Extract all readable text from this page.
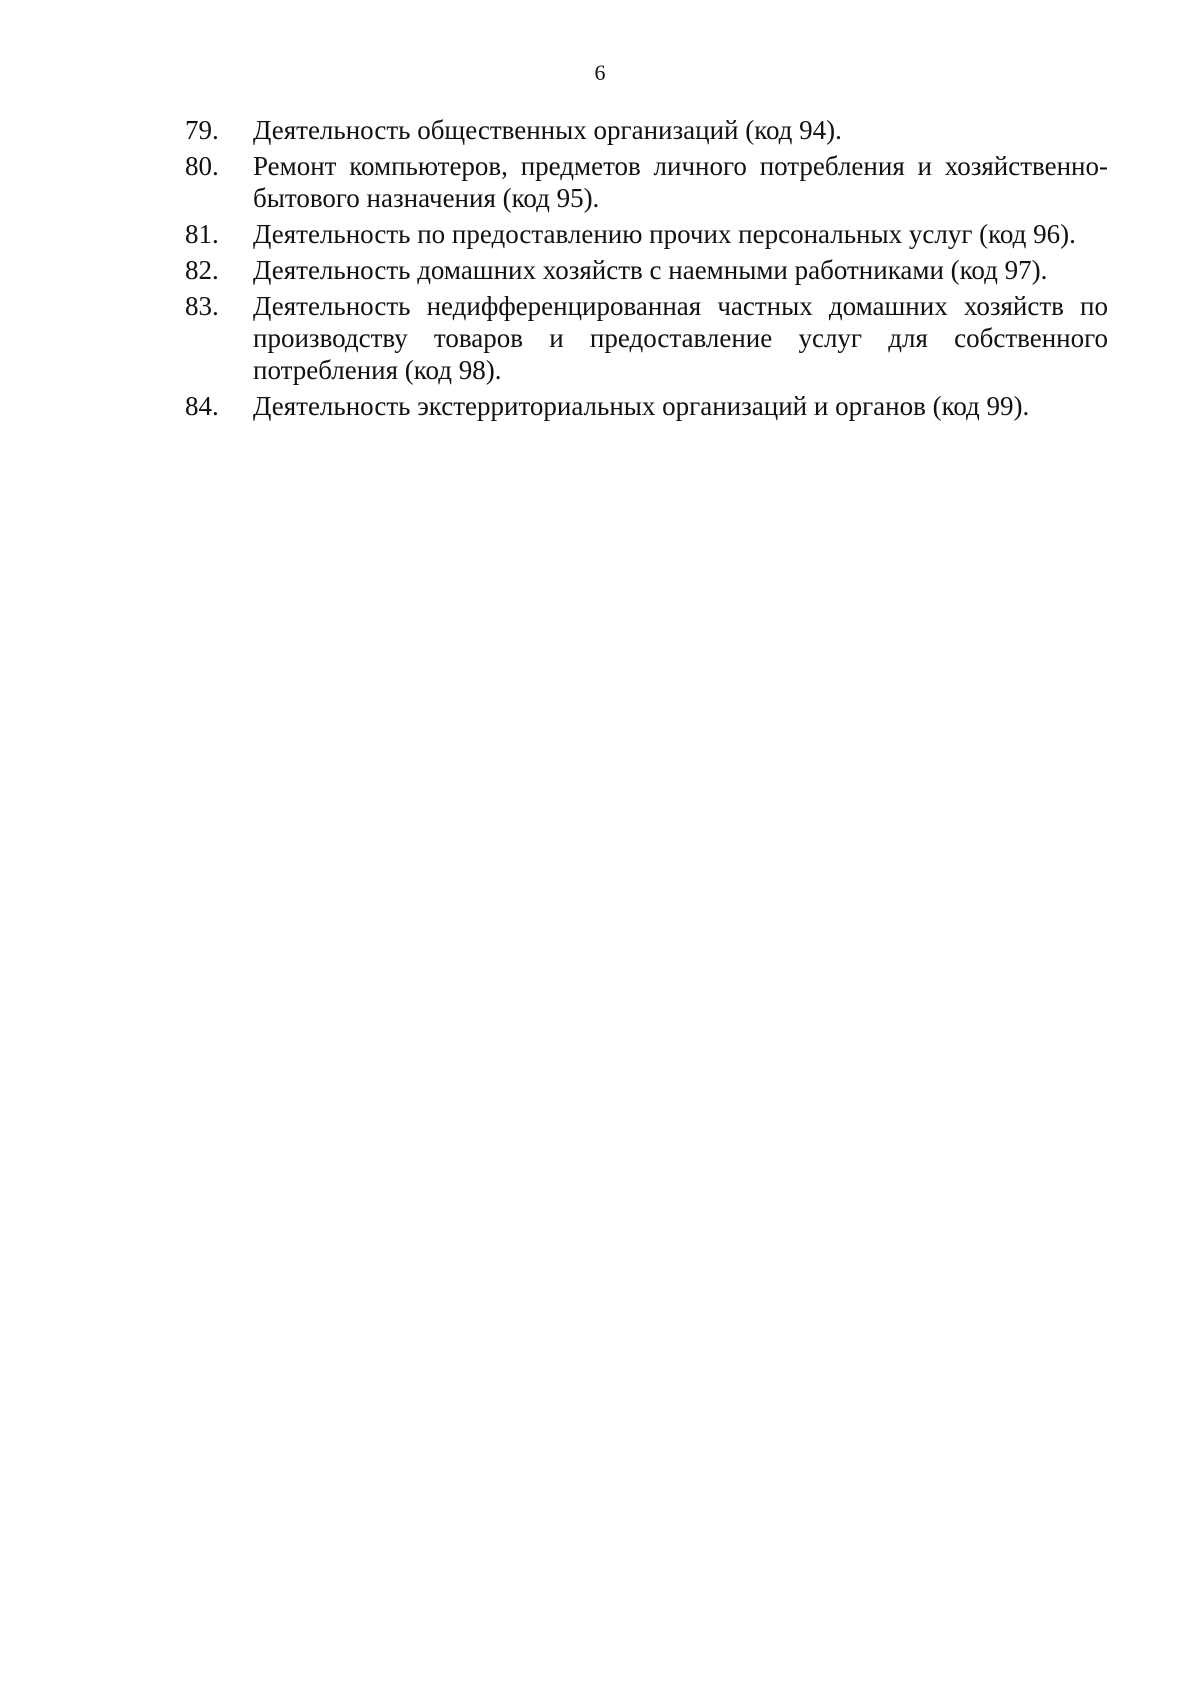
6
79.	Деятельность общественных организаций (код 94).
80.	Ремонт компьютеров, предметов личного потребления и хозяйственно-бытового назначения (код 95).
81.	Деятельность по предоставлению прочих персональных услуг (код 96).
82.	Деятельность домашних хозяйств с наемными работниками (код 97).
83.	Деятельность недифференцированная частных домашних хозяйств по производству товаров и предоставление услуг для собственного потребления (код 98).
84.	Деятельность экстерриториальных организаций и органов (код 99).
